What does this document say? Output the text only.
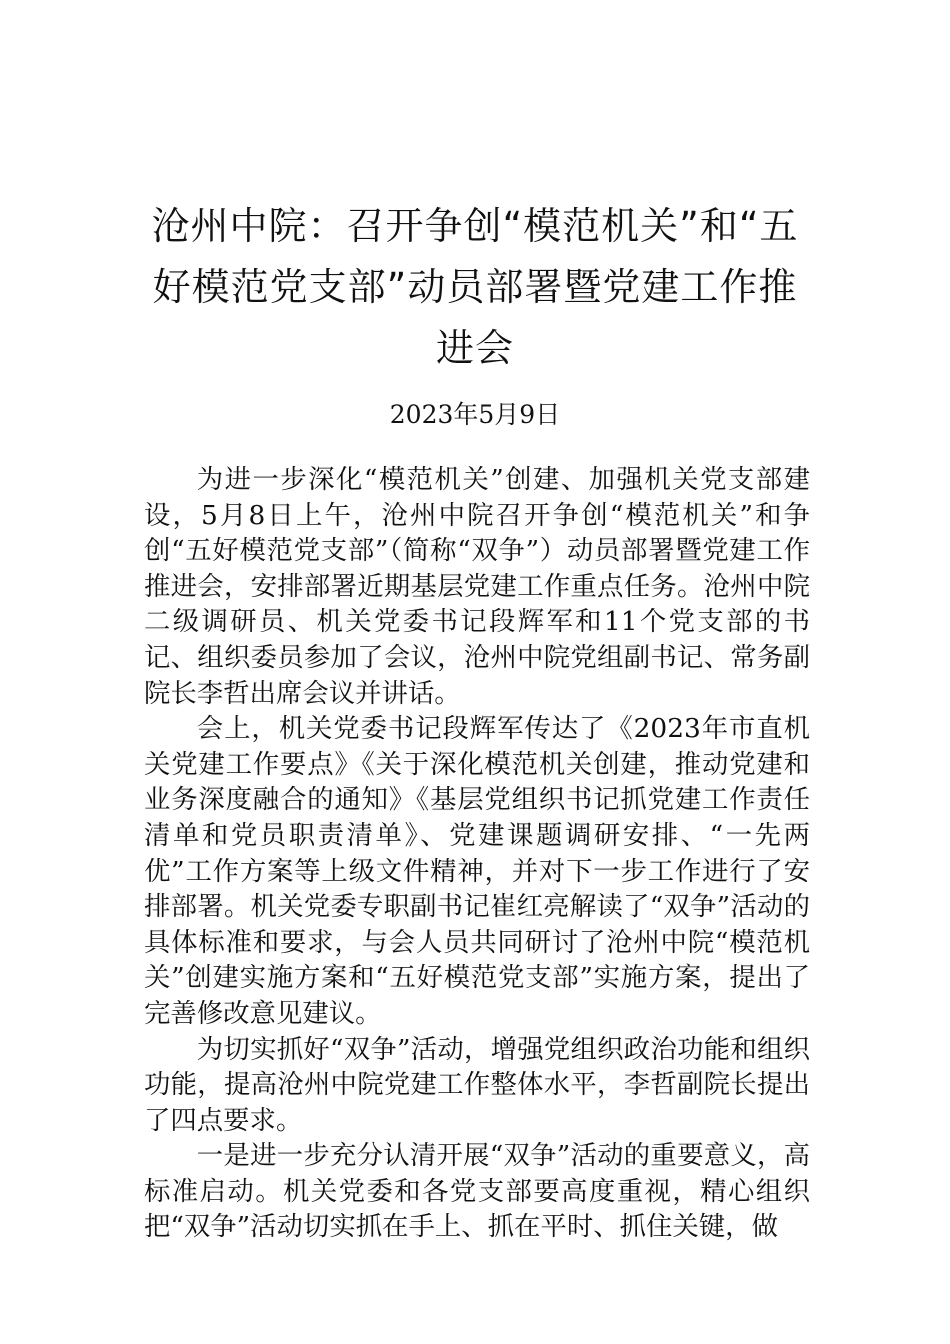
沧州中院：召开争创“模范机关”和“五好模范党支部”动员部署暨党建工作推进会
2023年5月9日

为进一步深化“模范机关”创建、加强机关党支部建设，5月8日上午，沧州中院召开争创“模范机关”和争创“五好模范党支部”（简称“双争”）动员部署暨党建工作推进会，安排部署近期基层党建工作重点任务。沧州中院二级调研员、机关党委书记段辉军和11个党支部的书记、组织委员参加了会议，沧州中院党组副书记、常务副院长李哲出席会议并讲话。

会上，机关党委书记段辉军传达了《2023年市直机关党建工作要点》《关于深化模范机关创建，推动党建和业务深度融合的通知》《基层党组织书记抓党建工作责任清单和党员职责清单》、党建课题调研安排、“一先两优”工作方案等上级文件精神，并对下一步工作进行了安排部署。机关党委专职副书记崔红亮解读了“双争”活动的具体标准和要求，与会人员共同研讨了沧州中院“模范机关”创建实施方案和“五好模范党支部”实施方案，提出了完善修改意见建议。

为切实抓好“双争”活动，增强党组织政治功能和组织功能，提高沧州中院党建工作整体水平，李哲副院长提出了四点要求。

一是进一步充分认清开展“双争”活动的重要意义，高标准启动。机关党委和各党支部要高度重视，精心组织把“双争”活动切实抓在手上、抓在平时、抓住关键，做
